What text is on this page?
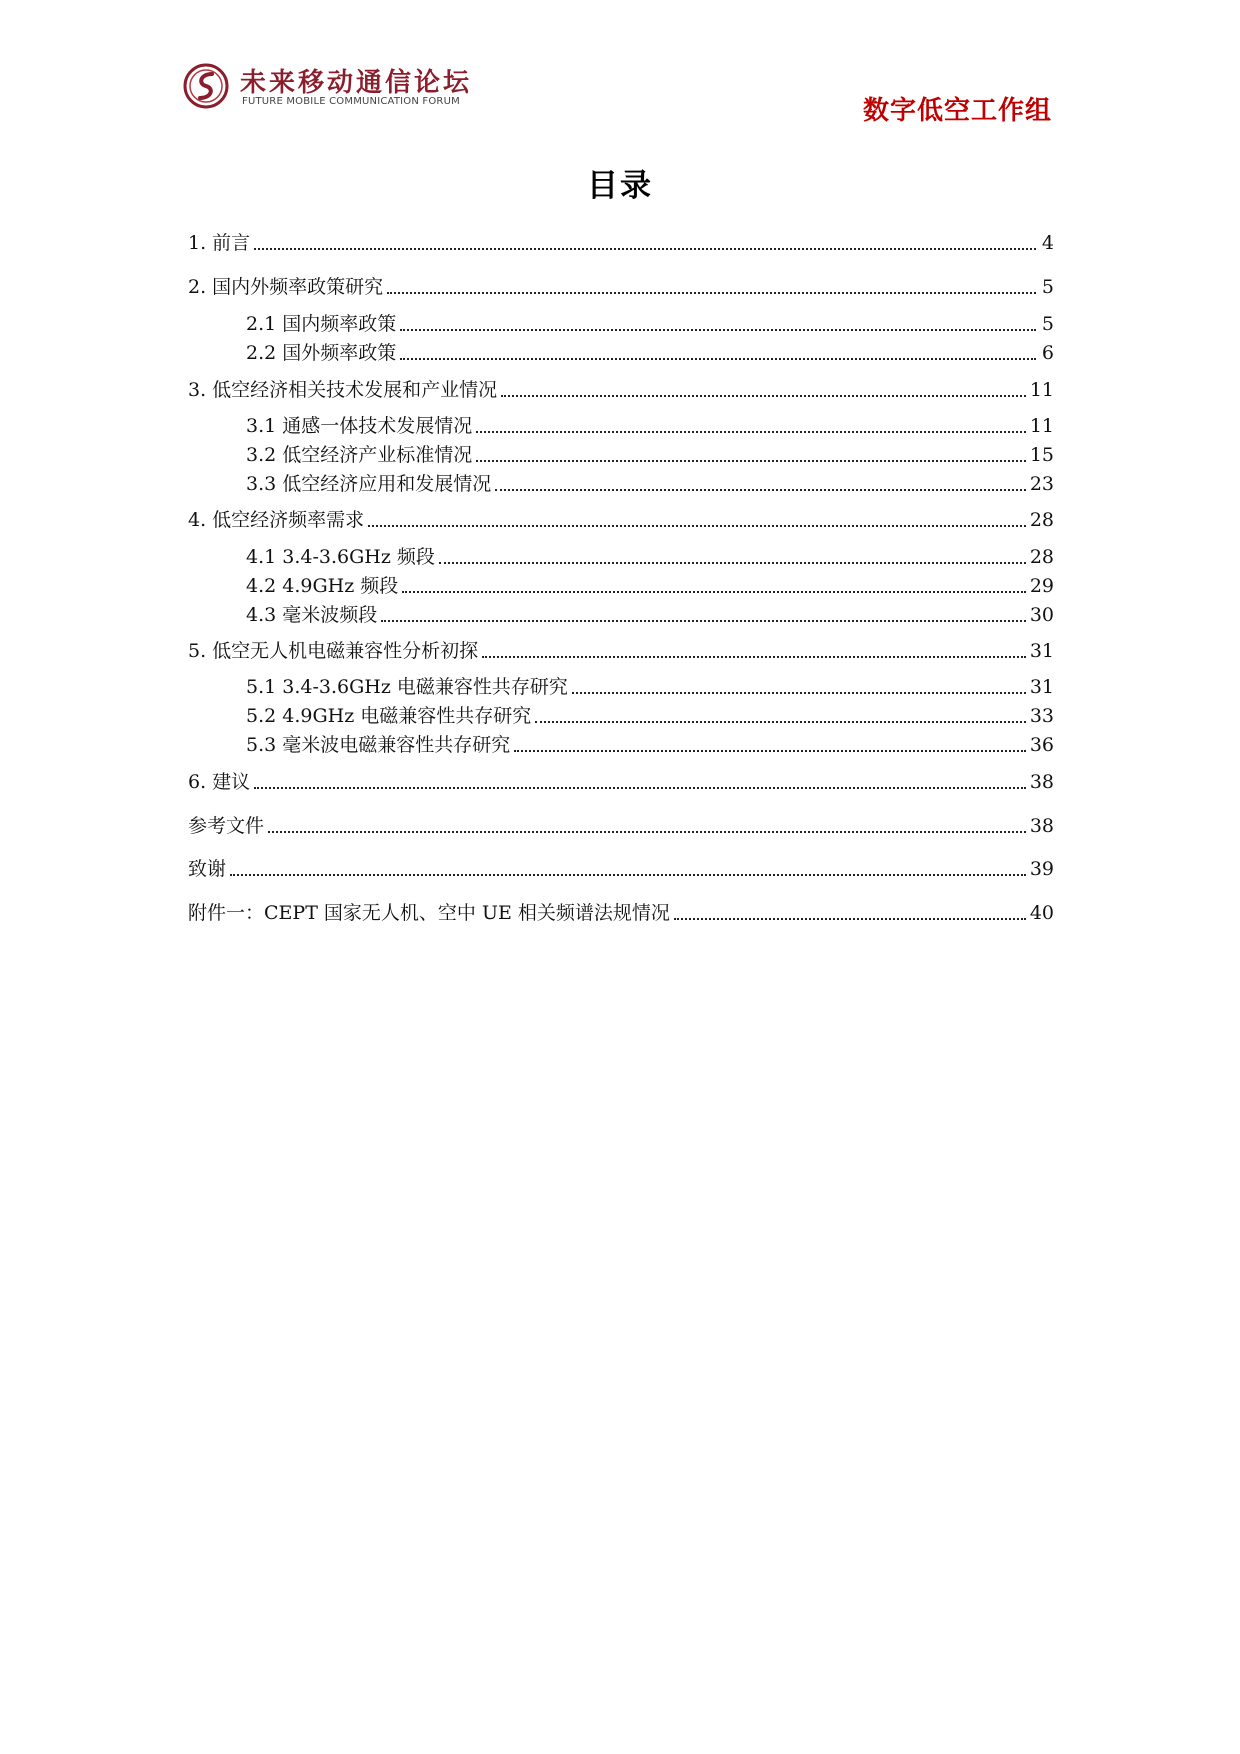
未来移动通信论坛
FUTURE MOBILE COMMUNICATION FORUM	数字低空工作组
目录
1. 前言	4
2. 国内外频率政策研究	5
2.1 国内频率政策	5
2.2 国外频率政策	6
3. 低空经济相关技术发展和产业情况	11
3.1 通感一体技术发展情况	11
3.2 低空经济产业标准情况	15
3.3 低空经济应用和发展情况	23
4. 低空经济频率需求	28
4.1 3.4-3.6GHz 频段	28
4.2 4.9GHz 频段	29
4.3 毫米波频段	30
5. 低空无人机电磁兼容性分析初探	31
5.1 3.4-3.6GHz 电磁兼容性共存研究	31
5.2 4.9GHz 电磁兼容性共存研究	33
5.3 毫米波电磁兼容性共存研究	36
6. 建议	38
参考文件	38
致谢	39
附件一：CEPT 国家无人机、空中 UE 相关频谱法规情况	40
